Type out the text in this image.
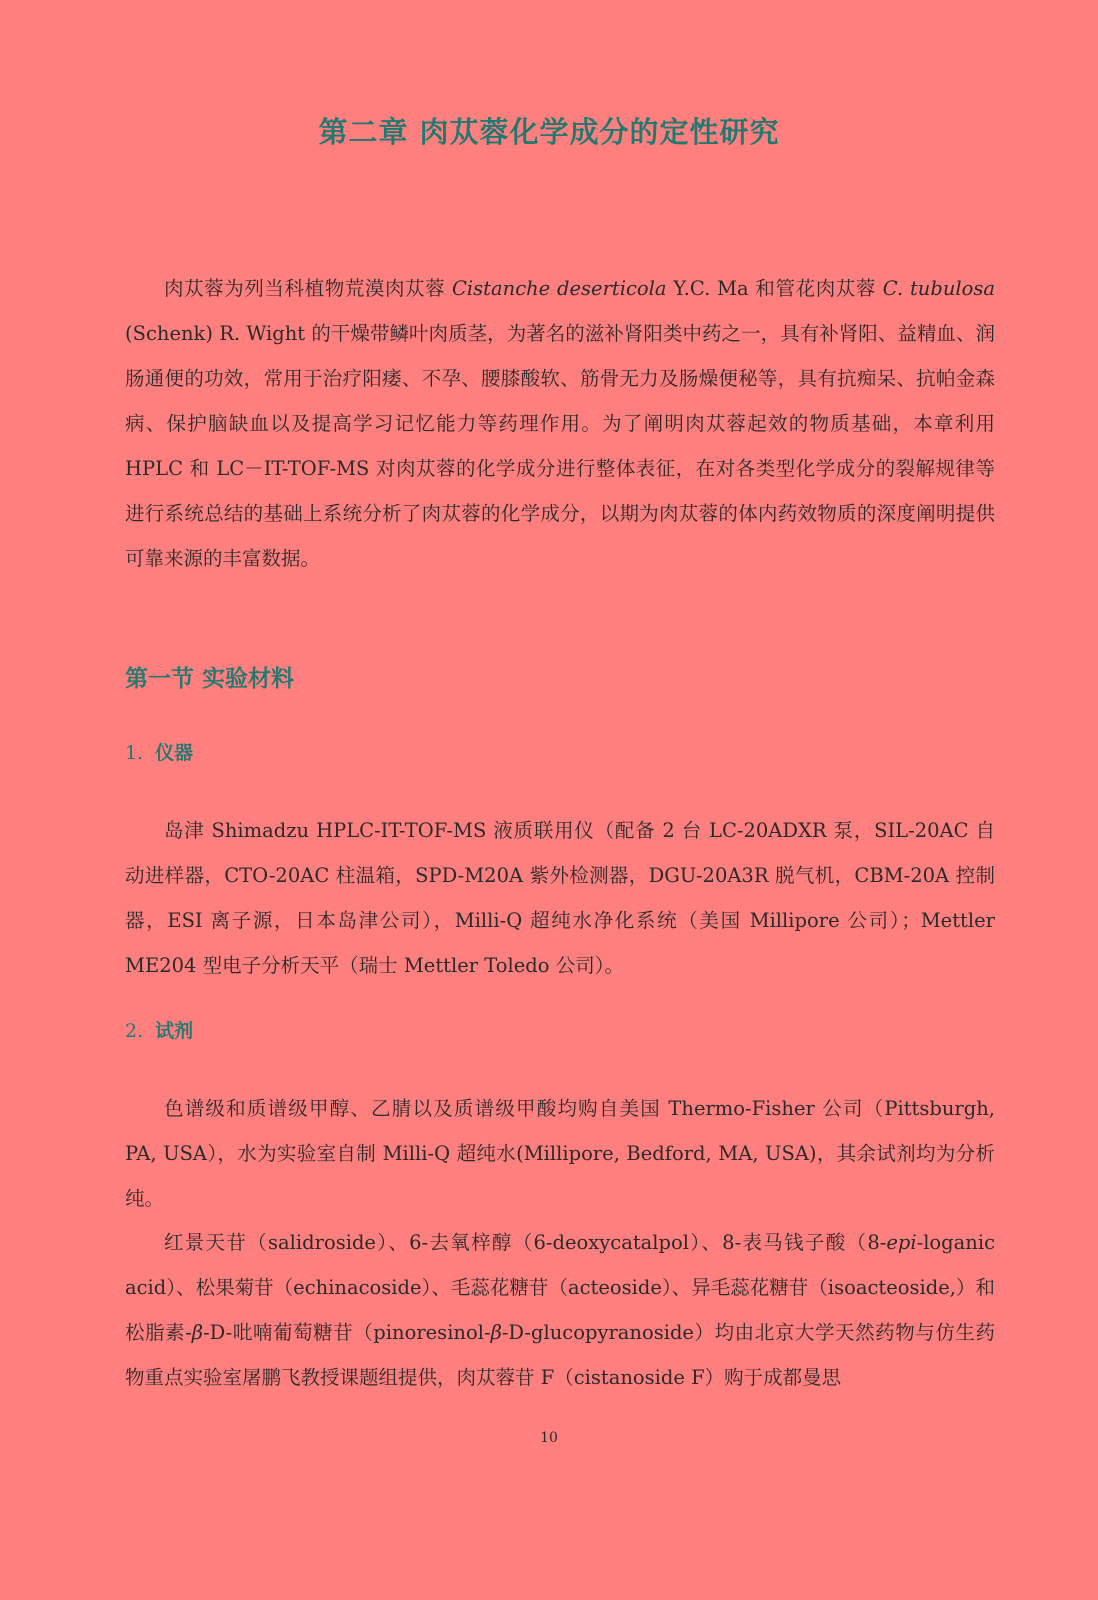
第二章 肉苁蓉化学成分的定性研究

肉苁蓉为列当科植物荒漠肉苁蓉 Cistanche deserticola Y.C. Ma 和管花肉苁蓉 C. tubulosa (Schenk) R. Wight 的干燥带鳞叶肉质茎，为著名的滋补肾阳类中药之一，具有补肾阳、益精血、润肠通便的功效，常用于治疗阳痿、不孕、腰膝酸软、筋骨无力及肠燥便秘等，具有抗痴呆、抗帕金森病、保护脑缺血以及提高学习记忆能力等药理作用。为了阐明肉苁蓉起效的物质基础，本章利用 HPLC 和 LC－IT-TOF-MS 对肉苁蓉的化学成分进行整体表征，在对各类型化学成分的裂解规律等进行系统总结的基础上系统分析了肉苁蓉的化学成分，以期为肉苁蓉的体内药效物质的深度阐明提供可靠来源的丰富数据。

第一节 实验材料
1. 仪器

岛津 Shimadzu HPLC-IT-TOF-MS 液质联用仪（配备 2 台 LC-20ADXR 泵，SIL-20AC 自动进样器，CTO-20AC 柱温箱，SPD-M20A 紫外检测器，DGU-20A3R 脱气机，CBM-20A 控制器，ESI 离子源，日本岛津公司），Milli-Q 超纯水净化系统（美国 Millipore 公司）；Mettler ME204 型电子分析天平（瑞士 Mettler Toledo 公司）。

2. 试剂

色谱级和质谱级甲醇、乙腈以及质谱级甲酸均购自美国 Thermo-Fisher 公司（Pittsburgh, PA, USA），水为实验室自制 Milli-Q 超纯水(Millipore, Bedford, MA, USA)，其余试剂均为分析纯。

红景天苷（salidroside）、6-去氧梓醇（6-deoxycatalpol）、8-表马钱子酸（8-epi-loganic acid）、松果菊苷（echinacoside）、毛蕊花糖苷（acteoside）、异毛蕊花糖苷（isoacteoside,）和松脂素-β-D-吡喃葡萄糖苷（pinoresinol-β-D-glucopyranoside）均由北京大学天然药物与仿生药物重点实验室屠鹏飞教授课题组提供，肉苁蓉苷 F（cistanoside F）购于成都曼思

10
